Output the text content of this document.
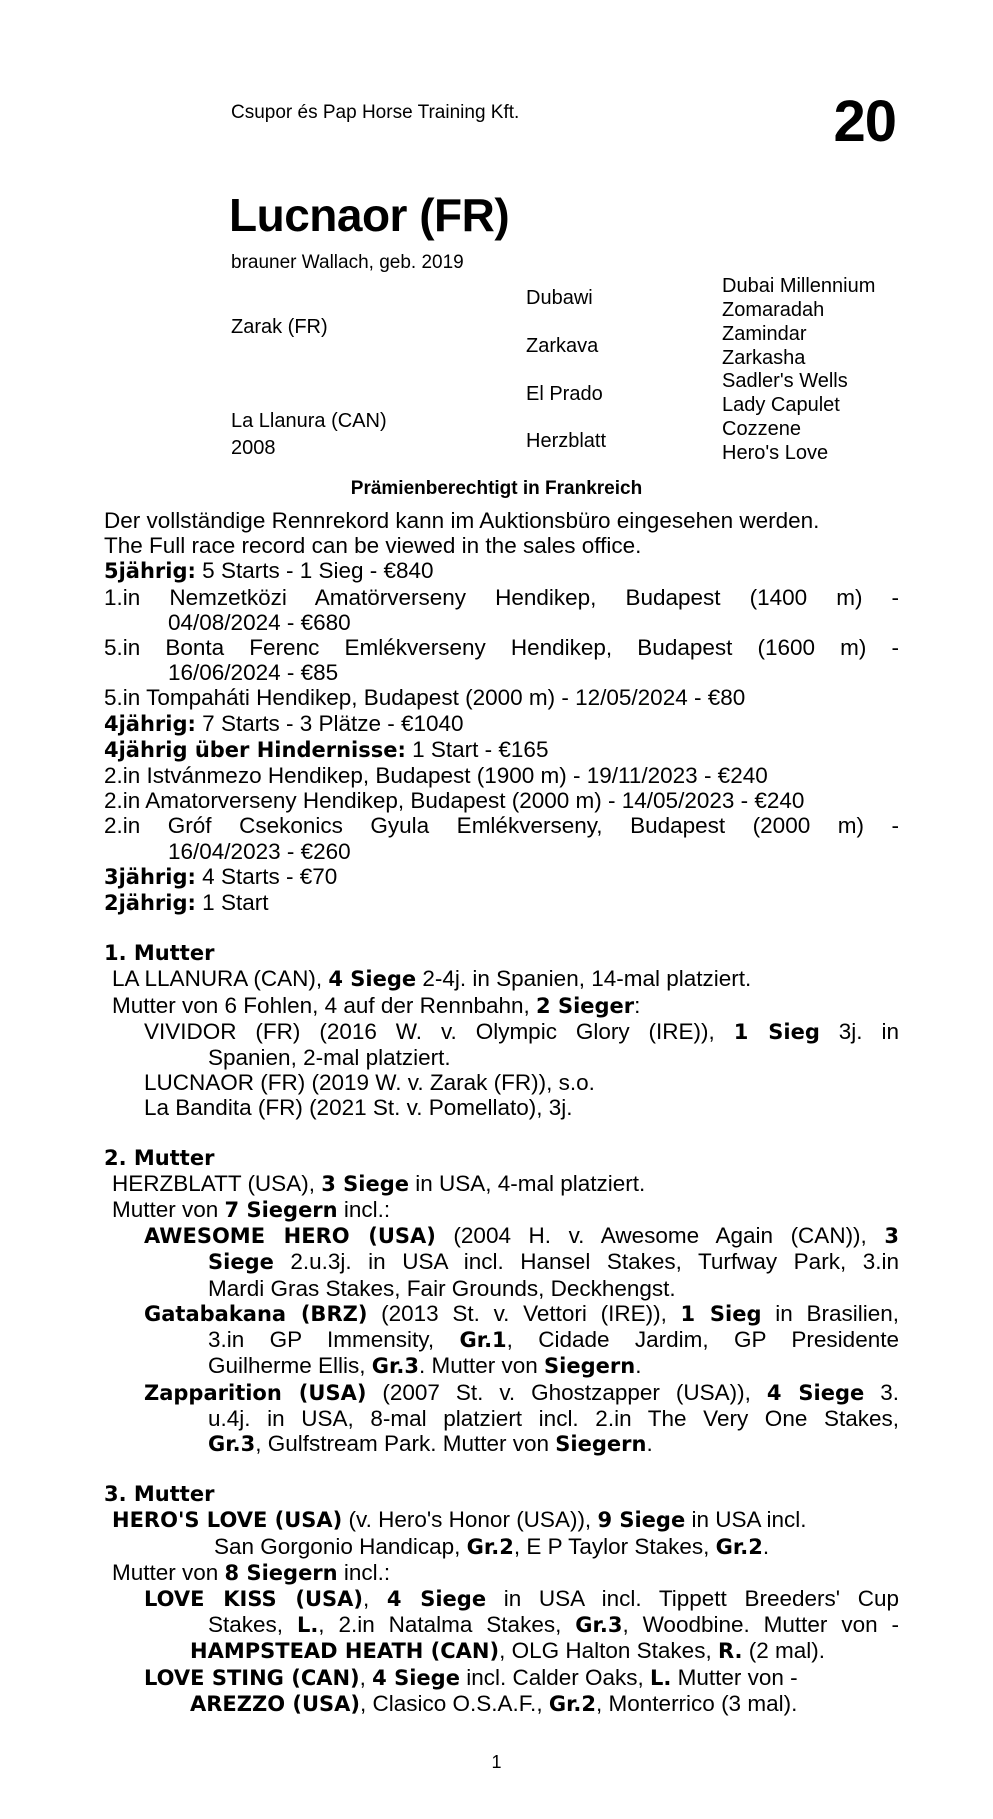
Csupor és Pap Horse Training Kft.	20
Lucnaor (FR)
brauner Wallach, geb. 2019
Zarak (FR)
La Llanura (CAN)
2008
Dubawi
Zarkava
El Prado
Herzblatt
Dubai Millennium
Zomaradah
Zamindar
Zarkasha
Sadler's Wells
Lady Capulet
Cozzene
Hero's Love
Prämienberechtigt in Frankreich
Der vollständige Rennrekord kann im Auktionsbüro eingesehen werden.
The Full race record can be viewed in the sales office.
5jährig: 5 Starts - 1 Sieg - €840
1.in Nemzetközi Amatörverseny Hendikep, Budapest (1400 m) -
04/08/2024 - €680
5.in Bonta Ferenc Emlékverseny Hendikep, Budapest (1600 m) -
16/06/2024 - €85
5.in Tompaháti Hendikep, Budapest (2000 m) - 12/05/2024 - €80
4jährig: 7 Starts - 3 Plätze - €1040
4jährig über Hindernisse: 1 Start - €165
2.in Istvánmezo Hendikep, Budapest (1900 m) - 19/11/2023 - €240
2.in Amatorverseny Hendikep, Budapest (2000 m) - 14/05/2023 - €240
2.in Gróf Csekonics Gyula Emlékverseny, Budapest (2000 m) -
16/04/2023 - €260
3jährig: 4 Starts - €70
2jährig: 1 Start
1. Mutter
LA LLANURA (CAN), 4 Siege 2-4j. in Spanien, 14-mal platziert.
Mutter von 6 Fohlen, 4 auf der Rennbahn, 2 Sieger:
VIVIDOR (FR) (2016 W. v. Olympic Glory (IRE)), 1 Sieg 3j. in
Spanien, 2-mal platziert.
LUCNAOR (FR) (2019 W. v. Zarak (FR)), s.o.
La Bandita (FR) (2021 St. v. Pomellato), 3j.
2. Mutter
HERZBLATT (USA), 3 Siege in USA, 4-mal platziert.
Mutter von 7 Siegern incl.:
AWESOME HERO (USA) (2004 H. v. Awesome Again (CAN)), 3
Siege 2.u.3j. in USA incl. Hansel Stakes, Turfway Park, 3.in
Mardi Gras Stakes, Fair Grounds, Deckhengst.
Gatabakana (BRZ) (2013 St. v. Vettori (IRE)), 1 Sieg in Brasilien,
3.in GP Immensity, Gr.1, Cidade Jardim, GP Presidente
Guilherme Ellis, Gr.3. Mutter von Siegern.
Zapparition (USA) (2007 St. v. Ghostzapper (USA)), 4 Siege 3.
u.4j. in USA, 8-mal platziert incl. 2.in The Very One Stakes,
Gr.3, Gulfstream Park. Mutter von Siegern.
3. Mutter
HERO'S LOVE (USA) (v. Hero's Honor (USA)), 9 Siege in USA incl.
San Gorgonio Handicap, Gr.2, E P Taylor Stakes, Gr.2.
Mutter von 8 Siegern incl.:
LOVE KISS (USA), 4 Siege in USA incl. Tippett Breeders' Cup
Stakes, L., 2.in Natalma Stakes, Gr.3, Woodbine. Mutter von -
HAMPSTEAD HEATH (CAN), OLG Halton Stakes, R. (2 mal).
LOVE STING (CAN), 4 Siege incl. Calder Oaks, L. Mutter von -
AREZZO (USA), Clasico O.S.A.F., Gr.2, Monterrico (3 mal).
1
